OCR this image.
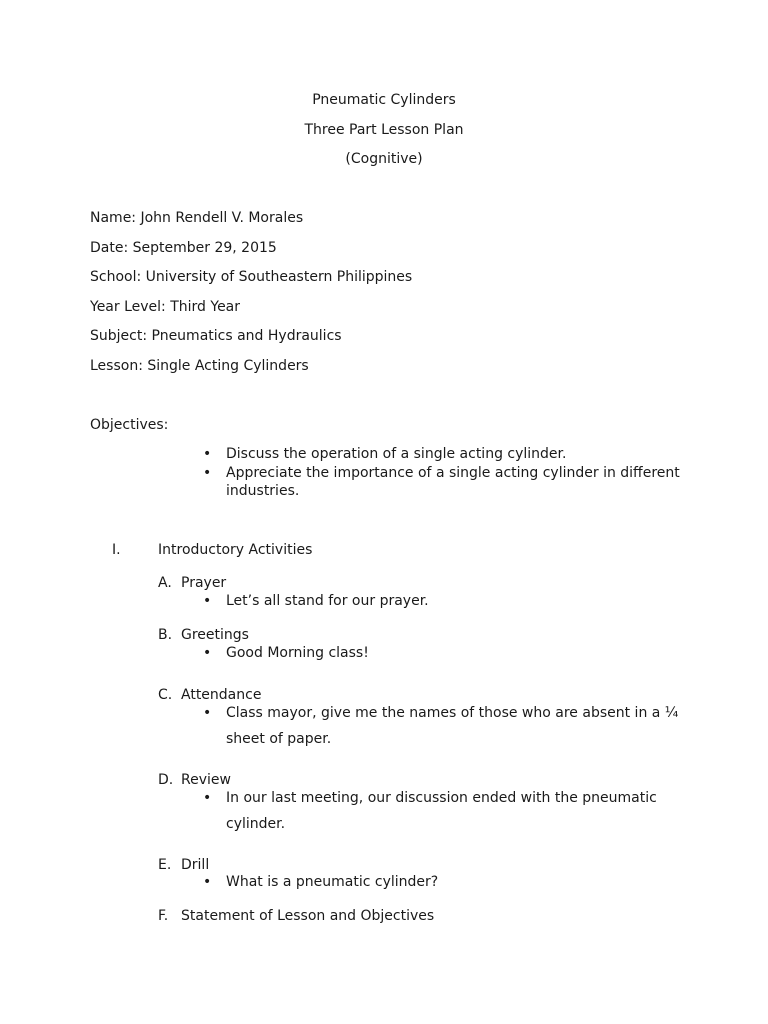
Pneumatic Cylinders
Three Part Lesson Plan
(Cognitive)
Name: John Rendell V. Morales
Date: September 29, 2015
School: University of Southeastern Philippines
Year Level: Third Year
Subject: Pneumatics and Hydraulics
Lesson: Single Acting Cylinders
Objectives:
• Discuss the operation of a single acting cylinder.
• Appreciate the importance of a single acting cylinder in different
industries.
I.	Introductory Activities
A. Prayer
• Let’s all stand for our prayer.
B. Greetings
• Good Morning class!
C. Attendance
• Class mayor, give me the names of those who are absent in a ¼
sheet of paper.
D. Review
• In our last meeting, our discussion ended with the pneumatic
cylinder.
E. Drill
• What is a pneumatic cylinder?
F. Statement of Lesson and Objectives
